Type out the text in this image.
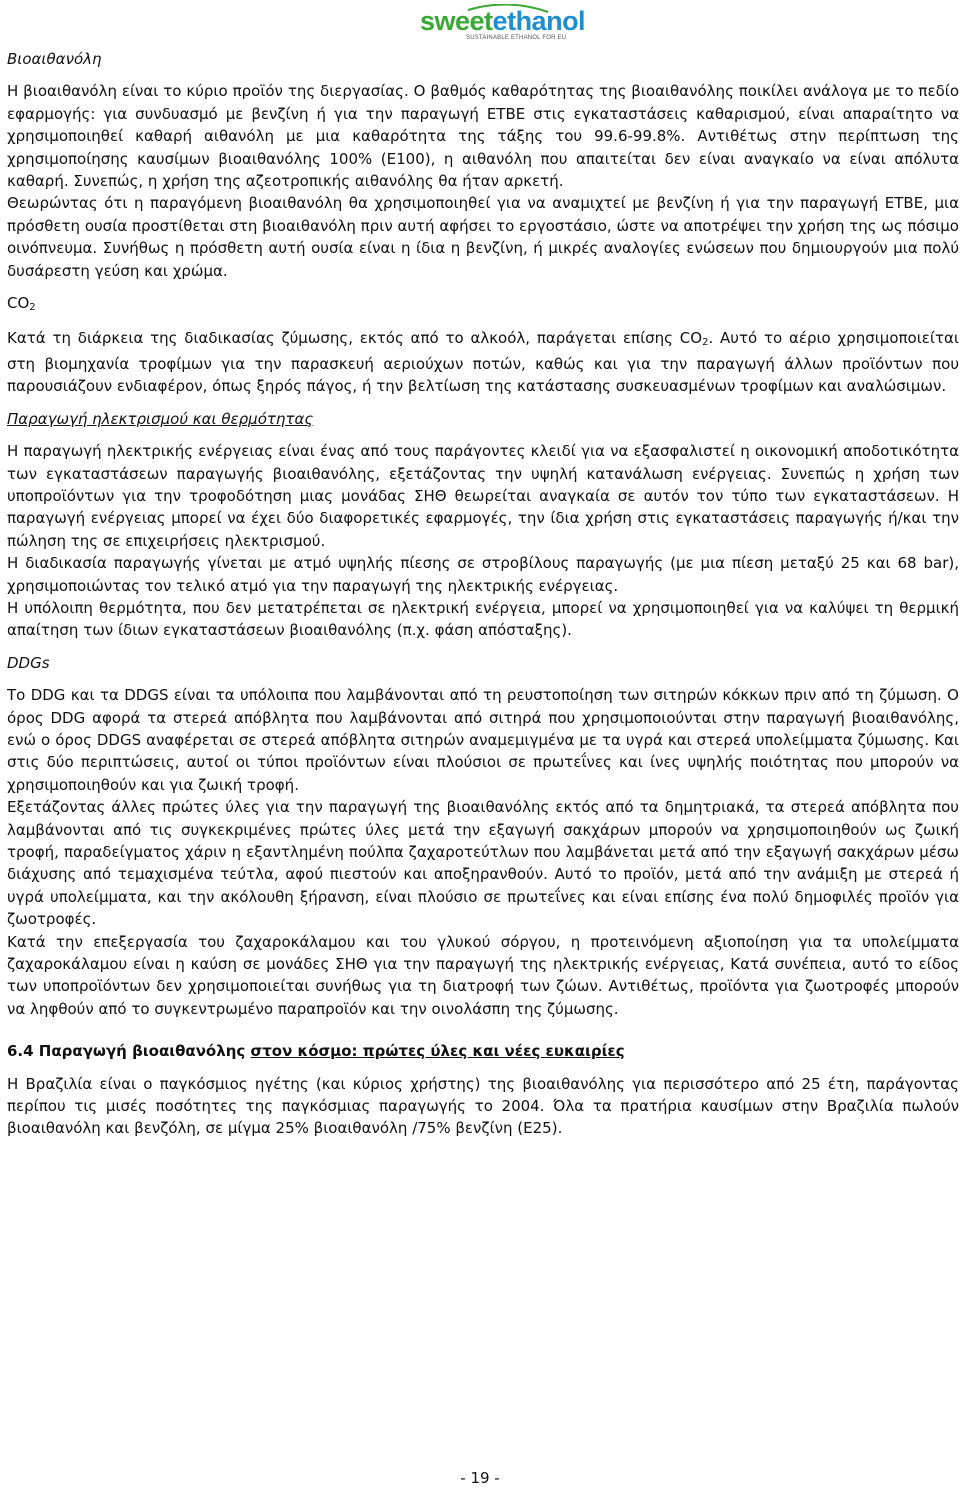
sweetethanol
SUSTAINABLE ETHANOL FOR EU

Βιοαιθανόλη

Η βιοαιθανόλη είναι το κύριο προϊόν της διεργασίας. Ο βαθμός καθαρότητας της βιοαιθανόλης ποικίλει ανάλογα με το πεδίο εφαρμογής: για συνδυασμό με βενζίνη ή για την παραγωγή ETBE στις εγκαταστάσεις καθαρισμού, είναι απαραίτητο να χρησιμοποιηθεί καθαρή αιθανόλη με μια καθαρότητα της τάξης του 99.6-99.8%. Αντιθέτως στην περίπτωση της χρησιμοποίησης καυσίμων βιοαιθανόλης 100% (E100), η αιθανόλη που απαιτείται δεν είναι αναγκαίο να είναι απόλυτα καθαρή. Συνεπώς, η χρήση της αζεοτροπικής αιθανόλης θα ήταν αρκετή.

Θεωρώντας ότι η παραγόμενη βιοαιθανόλη θα χρησιμοποιηθεί για να αναμιχτεί με βενζίνη ή για την παραγωγή ETBE, μια πρόσθετη ουσία προστίθεται στη βιοαιθανόλη πριν αυτή αφήσει το εργοστάσιο, ώστε να αποτρέψει την χρήση της ως πόσιμο οινόπνευμα. Συνήθως η πρόσθετη αυτή ουσία είναι η ίδια η βενζίνη, ή μικρές αναλογίες ενώσεων που δημιουργούν μια πολύ δυσάρεστη γεύση και χρώμα.

$CO_2$

Κατά τη διάρκεια της διαδικασίας ζύμωσης, εκτός από το αλκοόλ, παράγεται επίσης $CO_2$. Αυτό το αέριο χρησιμοποιείται στη βιομηχανία τροφίμων για την παρασκευή αεριούχων ποτών, καθώς και για την παραγωγή άλλων προϊόντων που παρουσιάζουν ενδιαφέρον, όπως ξηρός πάγος, ή την βελτίωση της κατάστασης συσκευασμένων τροφίμων και αναλώσιμων.

Παραγωγή ηλεκτρισμού και θερμότητας

Η παραγωγή ηλεκτρικής ενέργειας είναι ένας από τους παράγοντες κλειδί για να εξασφαλιστεί η οικονομική αποδοτικότητα των εγκαταστάσεων παραγωγής βιοαιθανόλης, εξετάζοντας την υψηλή κατανάλωση ενέργειας. Συνεπώς η χρήση των υποπροϊόντων για την τροφοδότηση μιας μονάδας ΣΗΘ θεωρείται αναγκαία σε αυτόν τον τύπο των εγκαταστάσεων. Η παραγωγή ενέργειας μπορεί να έχει δύο διαφορετικές εφαρμογές, την ίδια χρήση στις εγκαταστάσεις παραγωγής ή/και την πώληση της σε επιχειρήσεις ηλεκτρισμού.

Η διαδικασία παραγωγής γίνεται με ατμό υψηλής πίεσης σε στροβίλους παραγωγής (με μια πίεση μεταξύ 25 και 68 bar), χρησιμοποιώντας τον τελικό ατμό για την παραγωγή της ηλεκτρικής ενέργειας.

Η υπόλοιπη θερμότητα, που δεν μετατρέπεται σε ηλεκτρική ενέργεια, μπορεί να χρησιμοποιηθεί για να καλύψει τη θερμική απαίτηση των ίδιων εγκαταστάσεων βιοαιθανόλης (π.χ. φάση απόσταξης).

DDGs

Το DDG και τα DDGS είναι τα υπόλοιπα που λαμβάνονται από τη ρευστοποίηση των σιτηρών κόκκων πριν από τη ζύμωση. Ο όρος DDG αφορά τα στερεά απόβλητα που λαμβάνονται από σιτηρά που χρησιμοποιούνται στην παραγωγή βιοαιθανόλης, ενώ ο όρος DDGS αναφέρεται σε στερεά απόβλητα σιτηρών αναμεμιγμένα με τα υγρά και στερεά υπολείμματα ζύμωσης. Και στις δύο περιπτώσεις, αυτοί οι τύποι προϊόντων είναι πλούσιοι σε πρωτεΐνες και ίνες υψηλής ποιότητας που μπορούν να χρησιμοποιηθούν και για ζωική τροφή.

Εξετάζοντας άλλες πρώτες ύλες για την παραγωγή της βιοαιθανόλης εκτός από τα δημητριακά, τα στερεά απόβλητα που λαμβάνονται από τις συγκεκριμένες πρώτες ύλες μετά την εξαγωγή σακχάρων μπορούν να χρησιμοποιηθούν ως ζωική τροφή, παραδείγματος χάριν η εξαντλημένη πούλπα ζαχαροτεύτλων που λαμβάνεται μετά από την εξαγωγή σακχάρων μέσω διάχυσης από τεμαχισμένα τεύτλα, αφού πιεστούν και αποξηρανθούν. Αυτό το προϊόν, μετά από την ανάμιξη με στερεά ή υγρά υπολείμματα, και την ακόλουθη ξήρανση, είναι πλούσιο σε πρωτεΐνες και είναι επίσης ένα πολύ δημοφιλές προϊόν για ζωοτροφές.

Κατά την επεξεργασία του ζαχαροκάλαμου και του γλυκού σόργου, η προτεινόμενη αξιοποίηση για τα υπολείμματα ζαχαροκάλαμου είναι η καύση σε μονάδες ΣΗΘ για την παραγωγή της ηλεκτρικής ενέργειας, Κατά συνέπεια, αυτό το είδος των υποπροϊόντων δεν χρησιμοποιείται συνήθως για τη διατροφή των ζώων. Αντιθέτως, προϊόντα για ζωοτροφές μπορούν να ληφθούν από το συγκεντρωμένο παραπροϊόν και την οινολάσπη της ζύμωσης.

6.4 Παραγωγή βιοαιθανόλης στον κόσμο: πρώτες ύλες και νέες ευκαιρίες

Η Βραζιλία είναι ο παγκόσμιος ηγέτης (και κύριος χρήστης) της βιοαιθανόλης για περισσότερο από 25 έτη, παράγοντας περίπου τις μισές ποσότητες της παγκόσμιας παραγωγής το 2004. Όλα τα πρατήρια καυσίμων στην Βραζιλία πωλούν βιοαιθανόλη και βενζόλη, σε μίγμα 25% βιοαιθανόλη /75% βενζίνη (E25).

- 19 -
